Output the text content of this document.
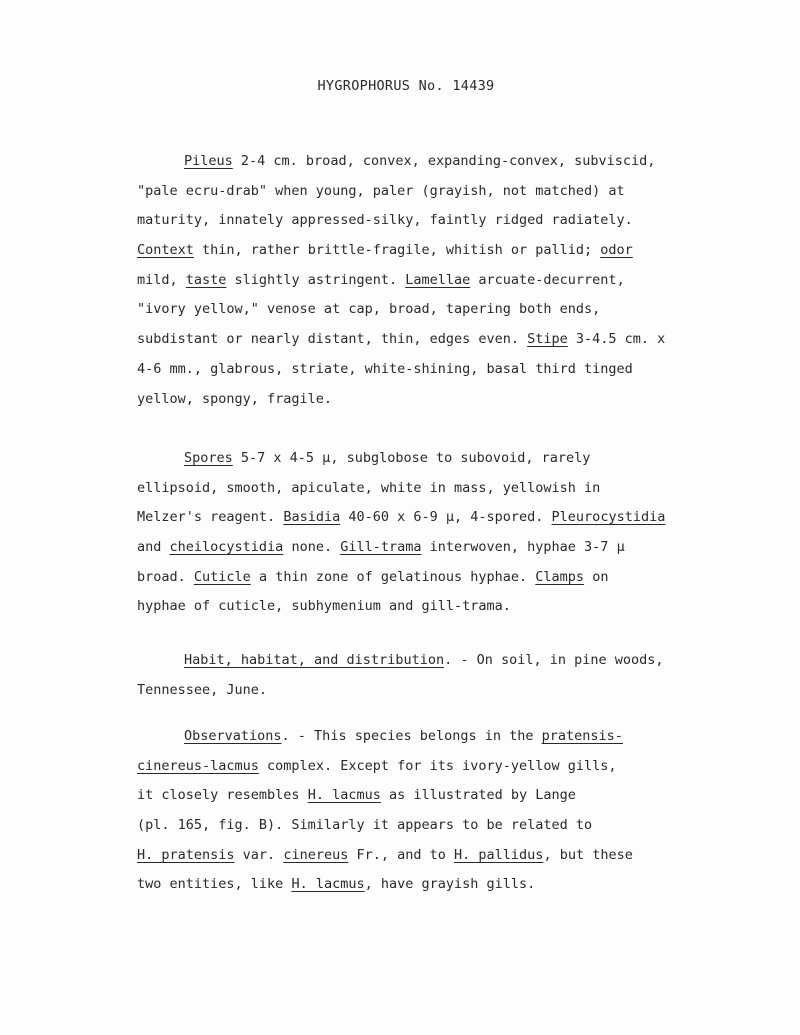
HYGROPHORUS No. 14439
Pileus 2-4 cm. broad, convex, expanding-convex, subviscid,
"pale ecru-drab" when young, paler (grayish, not matched) at
maturity, innately appressed-silky, faintly ridged radiately.
Context thin, rather brittle-fragile, whitish or pallid; odor
mild, taste slightly astringent. Lamellae arcuate-decurrent,
"ivory yellow," venose at cap, broad, tapering both ends,
subdistant or nearly distant, thin, edges even. Stipe 3-4.5 cm. x
4-6 mm., glabrous, striate, white-shining, basal third tinged
yellow, spongy, fragile.
Spores 5-7 x 4-5 µ, subglobose to subovoid, rarely
ellipsoid, smooth, apiculate, white in mass, yellowish in
Melzer's reagent. Basidia 40-60 x 6-9 µ, 4-spored. Pleurocystidia
and cheilocystidia none. Gill-trama interwoven, hyphae 3-7 µ
broad. Cuticle a thin zone of gelatinous hyphae. Clamps on
hyphae of cuticle, subhymenium and gill-trama.
Habit, habitat, and distribution. - On soil, in pine woods,
Tennessee, June.
Observations. - This species belongs in the pratensis-
cinereus-lacmus complex. Except for its ivory-yellow gills,
it closely resembles H. lacmus as illustrated by Lange
(pl. 165, fig. B). Similarly it appears to be related to
H. pratensis var. cinereus Fr., and to H. pallidus, but these
two entities, like H. lacmus, have grayish gills.
